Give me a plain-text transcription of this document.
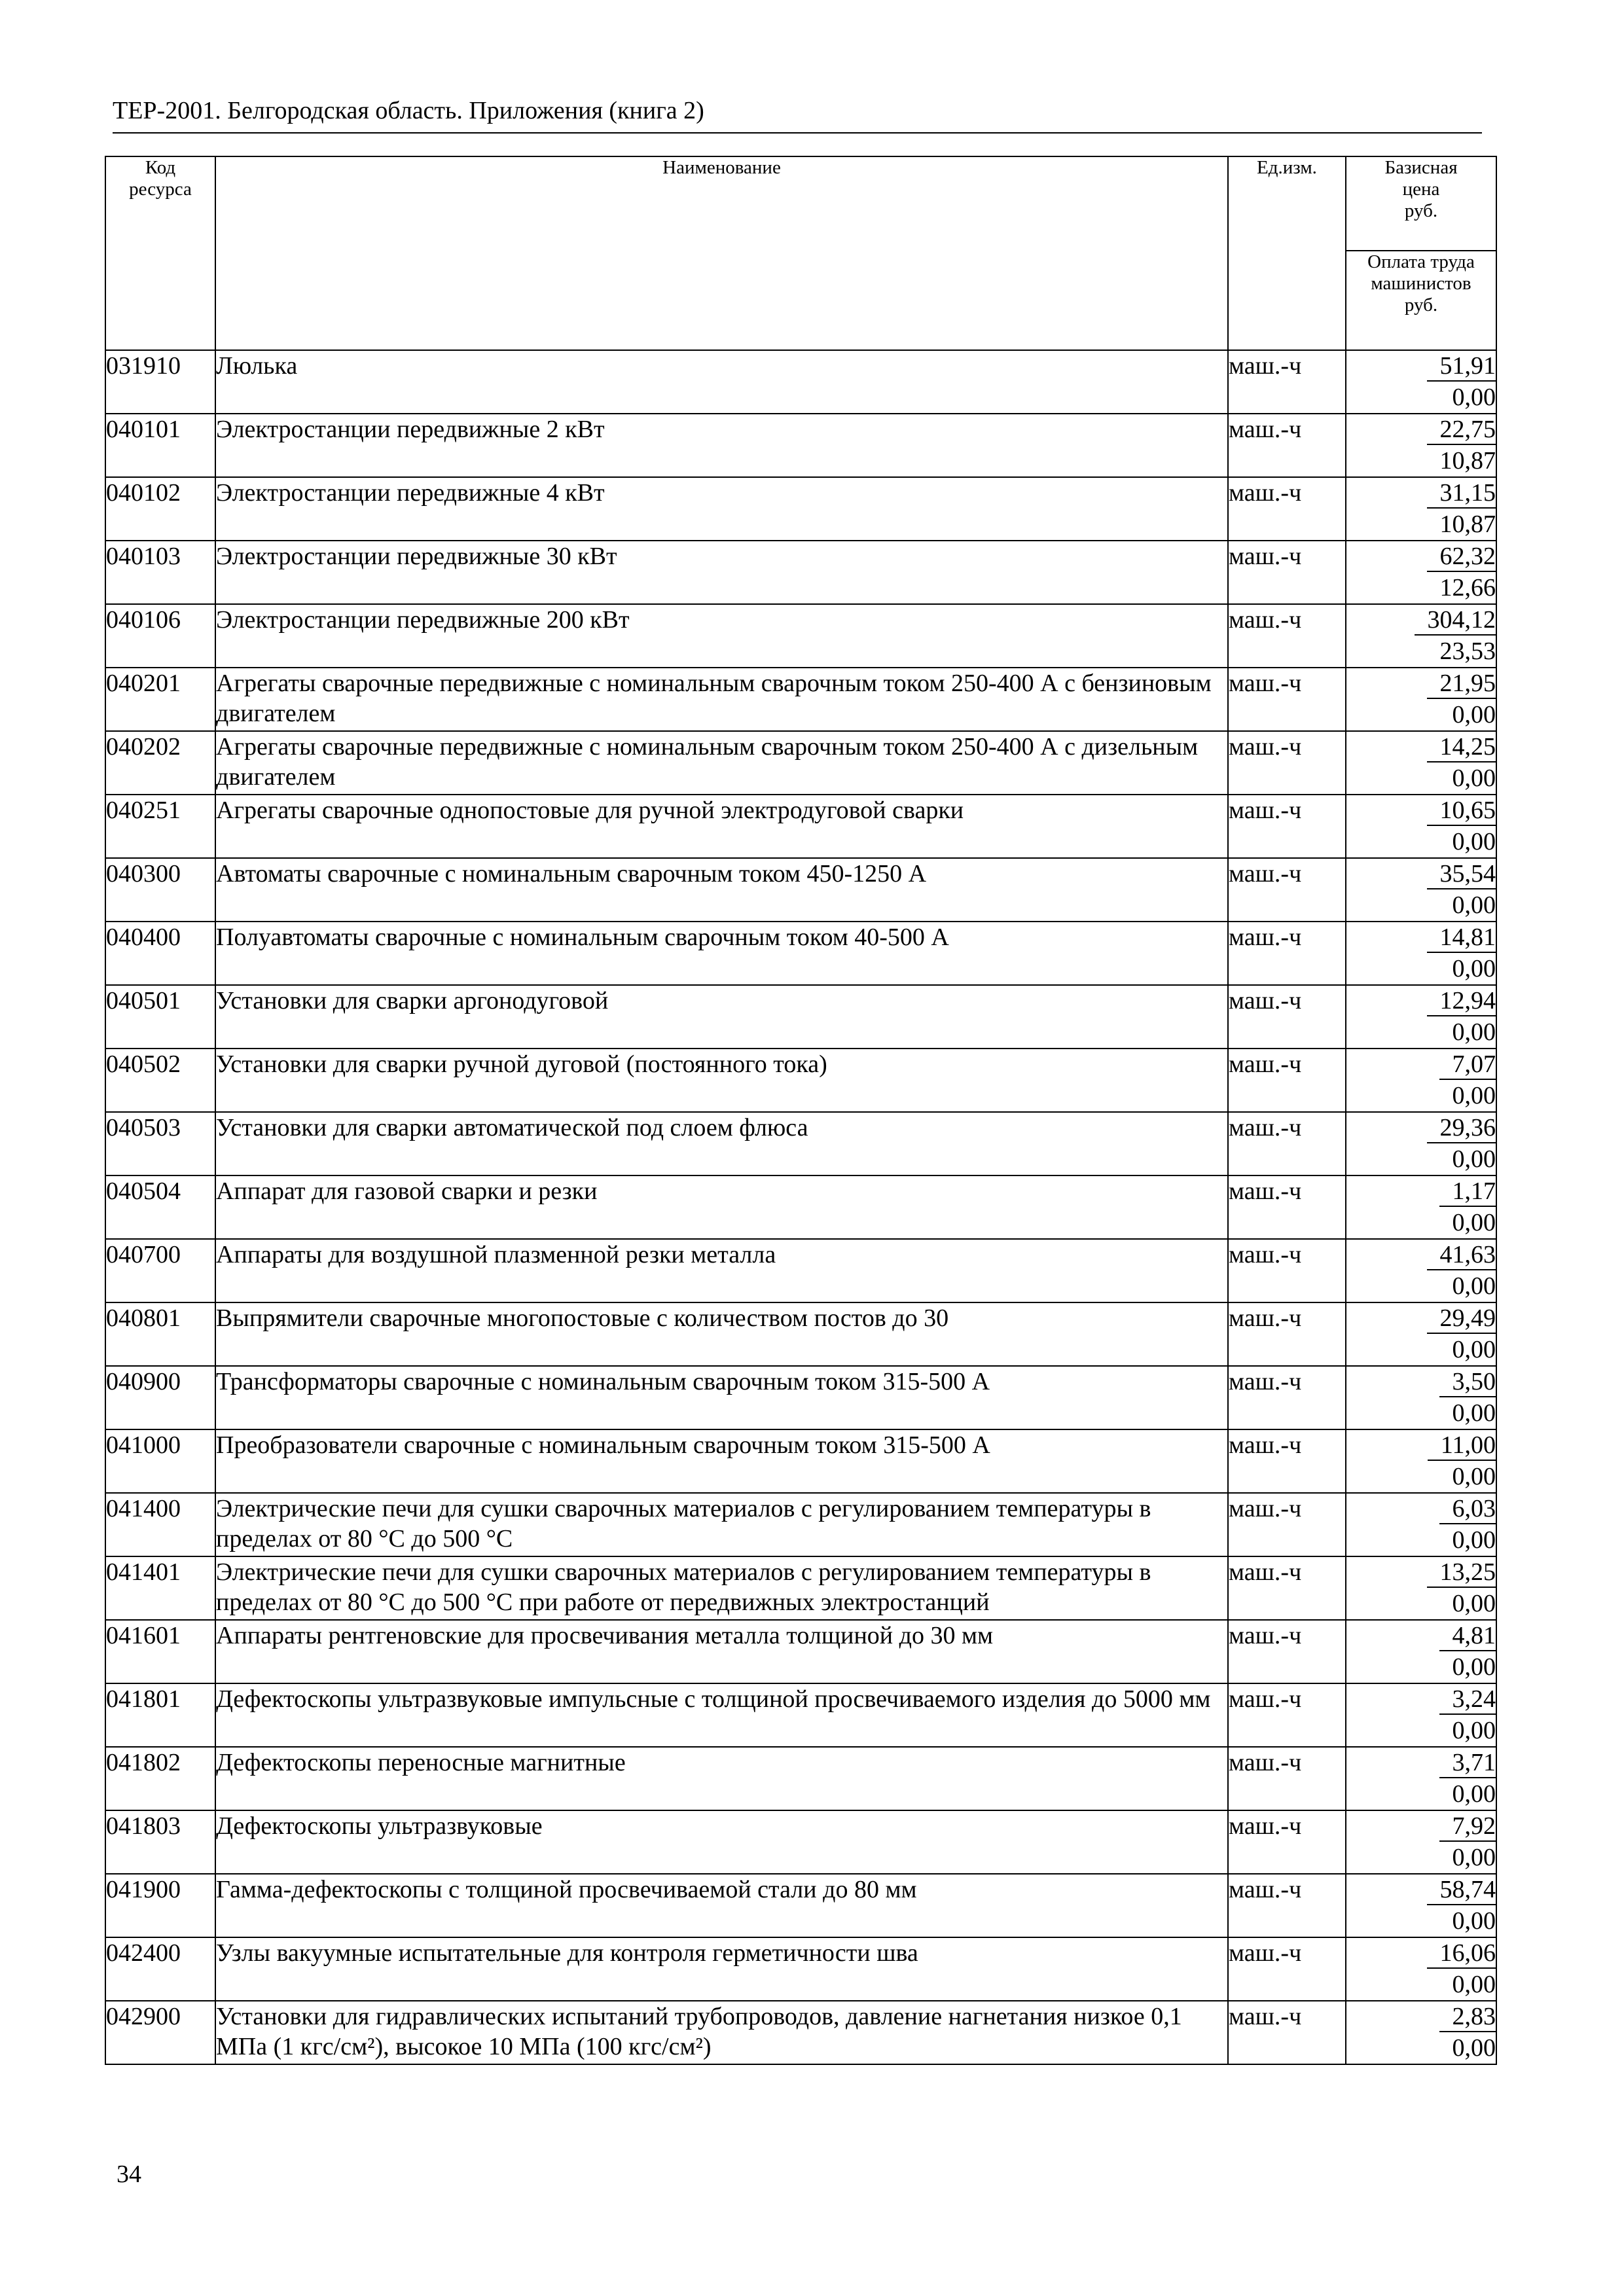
ТЕР-2001. Белгородская область. Приложения (книга 2)
Код
ресурса	Наименование	Ед.изм.	Базисная
цена
руб.
			Оплата труда
машинистов
руб.
031910	Люлька	маш.-ч	51,91
0,00

040101	Электростанции передвижные 2 кВт	маш.-ч	22,75
10,87

040102	Электростанции передвижные 4 кВт	маш.-ч	31,15
10,87

040103	Электростанции передвижные 30 кВт	маш.-ч	62,32
12,66

040106	Электростанции передвижные 200 кВт	маш.-ч	304,12
23,53

040201	Агрегаты сварочные передвижные с номинальным сварочным током 250-400 А с бензиновым двигателем	маш.-ч	21,95
0,00

040202	Агрегаты сварочные передвижные с номинальным сварочным током 250-400 А с дизельным двигателем	маш.-ч	14,25
0,00

040251	Агрегаты сварочные однопостовые для ручной электродуговой сварки	маш.-ч	10,65
0,00

040300	Автоматы сварочные с номинальным сварочным током 450-1250 А	маш.-ч	35,54
0,00

040400	Полуавтоматы сварочные с номинальным сварочным током 40-500 А	маш.-ч	14,81
0,00

040501	Установки для сварки аргонодуговой	маш.-ч	12,94
0,00

040502	Установки для сварки ручной дуговой (постоянного тока)	маш.-ч	7,07
0,00

040503	Установки для сварки автоматической под слоем флюса	маш.-ч	29,36
0,00

040504	Аппарат для газовой сварки и резки	маш.-ч	1,17
0,00

040700	Аппараты для воздушной плазменной резки металла	маш.-ч	41,63
0,00

040801	Выпрямители сварочные многопостовые с количеством постов до 30	маш.-ч	29,49
0,00

040900	Трансформаторы сварочные с номинальным сварочным током 315-500 А	маш.-ч	3,50
0,00

041000	Преобразователи сварочные с номинальным сварочным током 315-500 А	маш.-ч	11,00
0,00

041400	Электрические печи для сушки сварочных материалов с регулированием температуры в пределах от 80 °С до 500 °С	маш.-ч	6,03
0,00

041401	Электрические печи для сушки сварочных материалов с регулированием температуры в пределах от 80 °С до 500 °С при работе от передвижных электростанций	маш.-ч	13,25
0,00

041601	Аппараты рентгеновские для просвечивания металла толщиной до 30 мм	маш.-ч	4,81
0,00

041801	Дефектоскопы ультразвуковые импульсные с толщиной просвечиваемого изделия до 5000 мм	маш.-ч	3,24
0,00

041802	Дефектоскопы переносные магнитные	маш.-ч	3,71
0,00

041803	Дефектоскопы ультразвуковые	маш.-ч	7,92
0,00

041900	Гамма-дефектоскопы с толщиной просвечиваемой стали до 80 мм	маш.-ч	58,74
0,00

042400	Узлы вакуумные испытательные для контроля герметичности шва	маш.-ч	16,06
0,00

042900	Установки для гидравлических испытаний трубопроводов, давление нагнетания низкое 0,1 МПа (1 кгс/см²), высокое 10 МПа (100 кгс/см²)	маш.-ч	2,83
0,00
34
